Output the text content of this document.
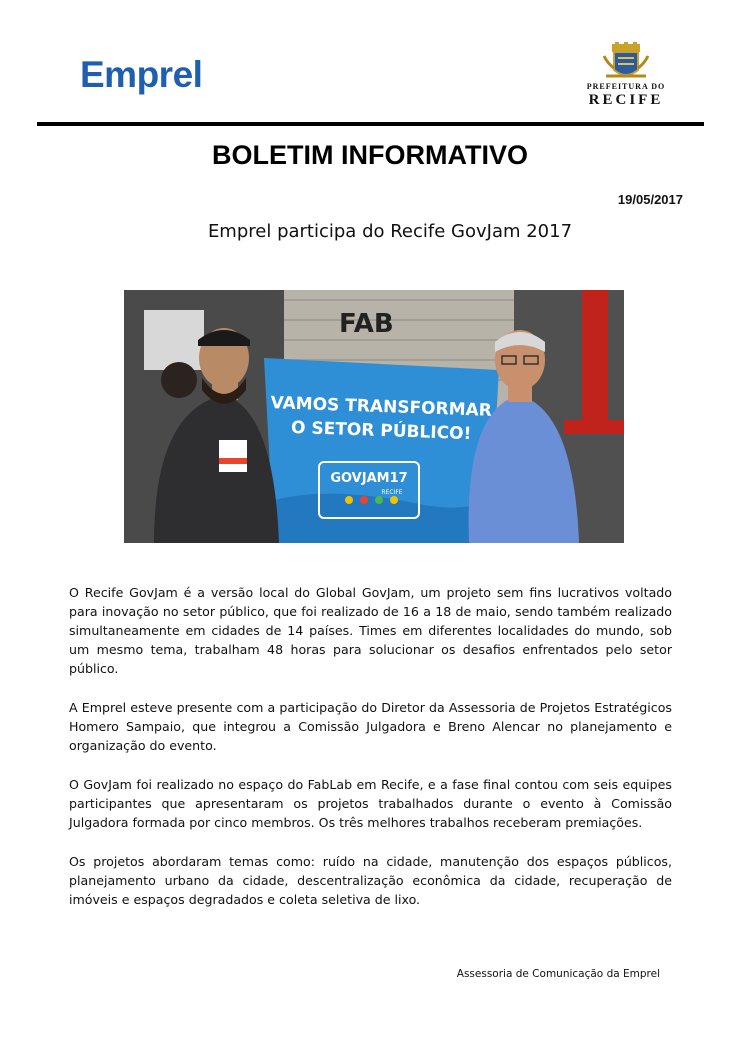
Emprel	PREFEITURA DO
RECIFE
BOLETIM INFORMATIVO
19/05/2017
Emprel participa do Recife GovJam 2017
FAB
VAMOS TRANSFORMAR
O SETOR PÚBLICO!
GOVJAM17
RECIFE

O Recife GovJam é a versão local do Global GovJam, um projeto sem fins lucrativos voltado para inovação no setor público, que foi realizado de 16 a 18 de maio, sendo também realizado simultaneamente em cidades de 14 países. Times em diferentes localidades do mundo, sob um mesmo tema, trabalham 48 horas para solucionar os desafios enfrentados pelo setor público.

A Emprel esteve presente com a participação do Diretor da Assessoria de Projetos Estratégicos Homero Sampaio, que integrou a Comissão Julgadora e Breno Alencar no planejamento e organização do evento.

O GovJam foi realizado no espaço do FabLab em Recife, e a fase final contou com seis equipes participantes que apresentaram os projetos trabalhados durante o evento à Comissão Julgadora formada por cinco membros. Os três melhores trabalhos receberam premiações.

Os projetos abordaram temas como: ruído na cidade, manutenção dos espaços públicos, planejamento urbano da cidade, descentralização econômica da cidade, recuperação de imóveis e espaços degradados e coleta seletiva de lixo.

Assessoria de Comunicação da Emprel
